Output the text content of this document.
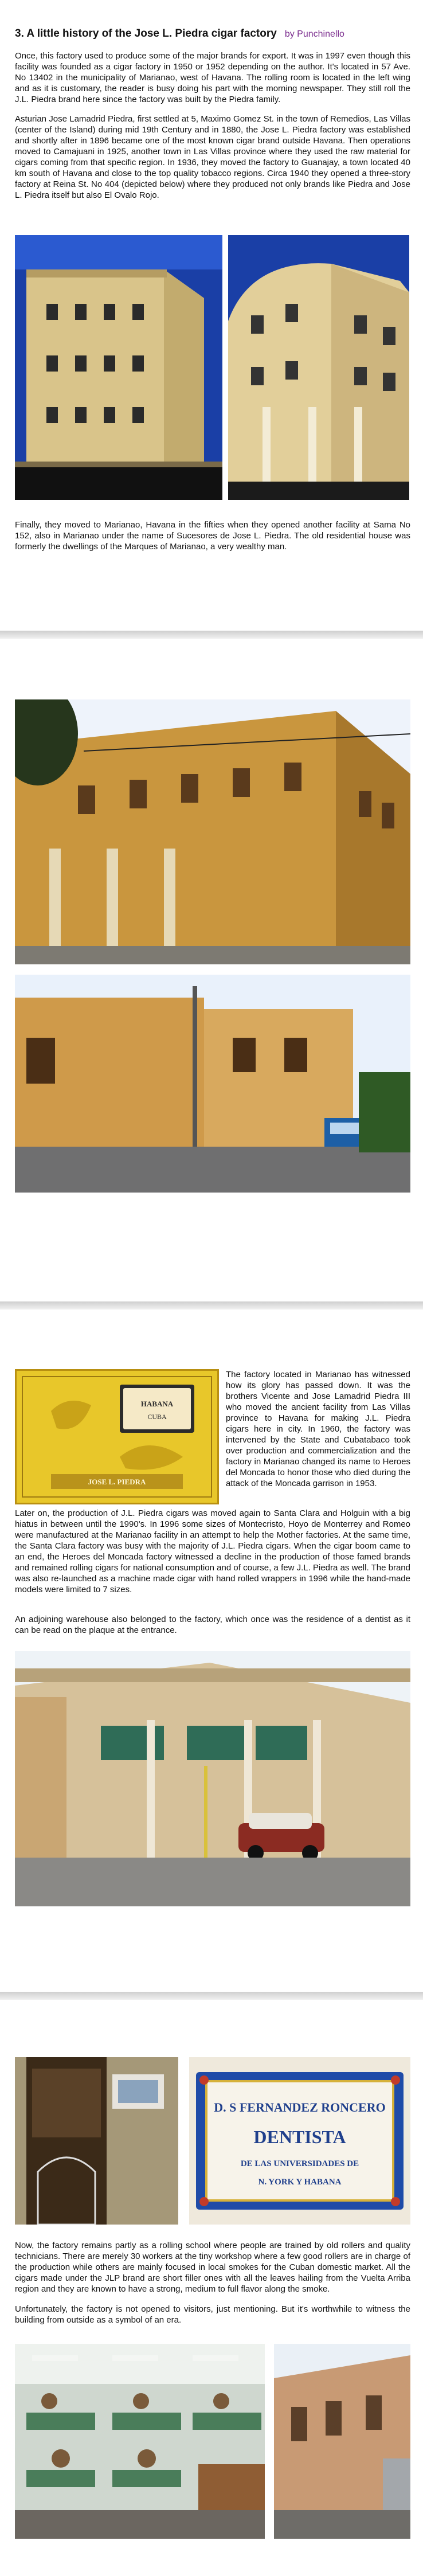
3. A little history of the Jose L. Piedra cigar factory by Punchinello
Once, this factory used to produce some of the major brands for export. It was in 1997 even though this facility was founded as a cigar factory in 1950 or 1952 depending on the author. It's located in 57 Ave. No 13402 in the municipality of Marianao, west of Havana. The rolling room is located in the left wing and as it is customary, the reader is busy doing his part with the morning newspaper. They still roll the J.L. Piedra brand here since the factory was built by the Piedra family.
Asturian Jose Lamadrid Piedra, first settled at 5, Maximo Gomez St. in the town of Remedios, Las Villas (center of the Island) during mid 19th Century and in 1880, the Jose L. Piedra factory was established and shortly after in 1896 became one of the most known cigar brand outside Havana. Then operations moved to Camajuani in 1925, another town in Las Villas province where they used the raw material for cigars coming from that specific region. In 1936, they moved the factory to Guanajay, a town located 40 km south of Havana and close to the top quality tobacco regions. Circa 1940 they opened a three-story factory at Reina St. No 404 (depicted below) where they produced not only brands like Piedra and Jose L. Piedra itself but also El Ovalo Rojo.
Finally, they moved to Marianao, Havana in the fifties when they opened another facility at Sama No 152, also in Marianao under the name of Sucesores de Jose L. Piedra. The old residential house was formerly the dwellings of the Marques of Marianao, a very wealthy man.
HABANA
CUBA
JOSE L. PIEDRA
The factory located in Marianao has witnessed how its glory has passed down. It was the brothers Vicente and Jose Lamadrid Piedra III who moved the ancient facility from Las Villas province to Havana for making J.L. Piedra cigars here in city. In 1960, the factory was intervened by the State and Cubatabaco took over production and commercialization and the factory in Marianao changed its name to Heroes del Moncada to honor those who died during the attack of the Moncada garrison in 1953.
Later on, the production of J.L. Piedra cigars was moved again to Santa Clara and Holguin with a big hiatus in between until the 1990's. In 1996 some sizes of Montecristo, Hoyo de Monterrey and Romeo were manufactured at the Marianao facility in an attempt to help the Mother factories. At the same time, the Santa Clara factory was busy with the majority of J.L. Piedra cigars. When the cigar boom came to an end, the Heroes del Moncada factory witnessed a decline in the production of those famed brands and remained rolling cigars for national consumption and of course, a few J.L. Piedra as well. The brand was also re-launched as a machine made cigar with hand rolled wrappers in 1996 while the hand-made models were limited to 7 sizes.
An adjoining warehouse also belonged to the factory, which once was the residence of a dentist as it can be read on the plaque at the entrance.
D. S FERNANDEZ RONCERO
DENTISTA
DE LAS UNIVERSIDADES DE
N. YORK Y HABANA
Now, the factory remains partly as a rolling school where people are trained by old rollers and quality technicians. There are merely 30 workers at the tiny workshop where a few good rollers are in charge of the production while others are mainly focused in local smokes for the Cuban domestic market. All the cigars made under the JLP brand are short filler ones with all the leaves hailing from the Vuelta Arriba region and they are known to have a strong, medium to full flavor along the smoke.
Unfortunately, the factory is not opened to visitors, just mentioning. But it's worthwhile to witness the building from outside as a symbol of an era.
